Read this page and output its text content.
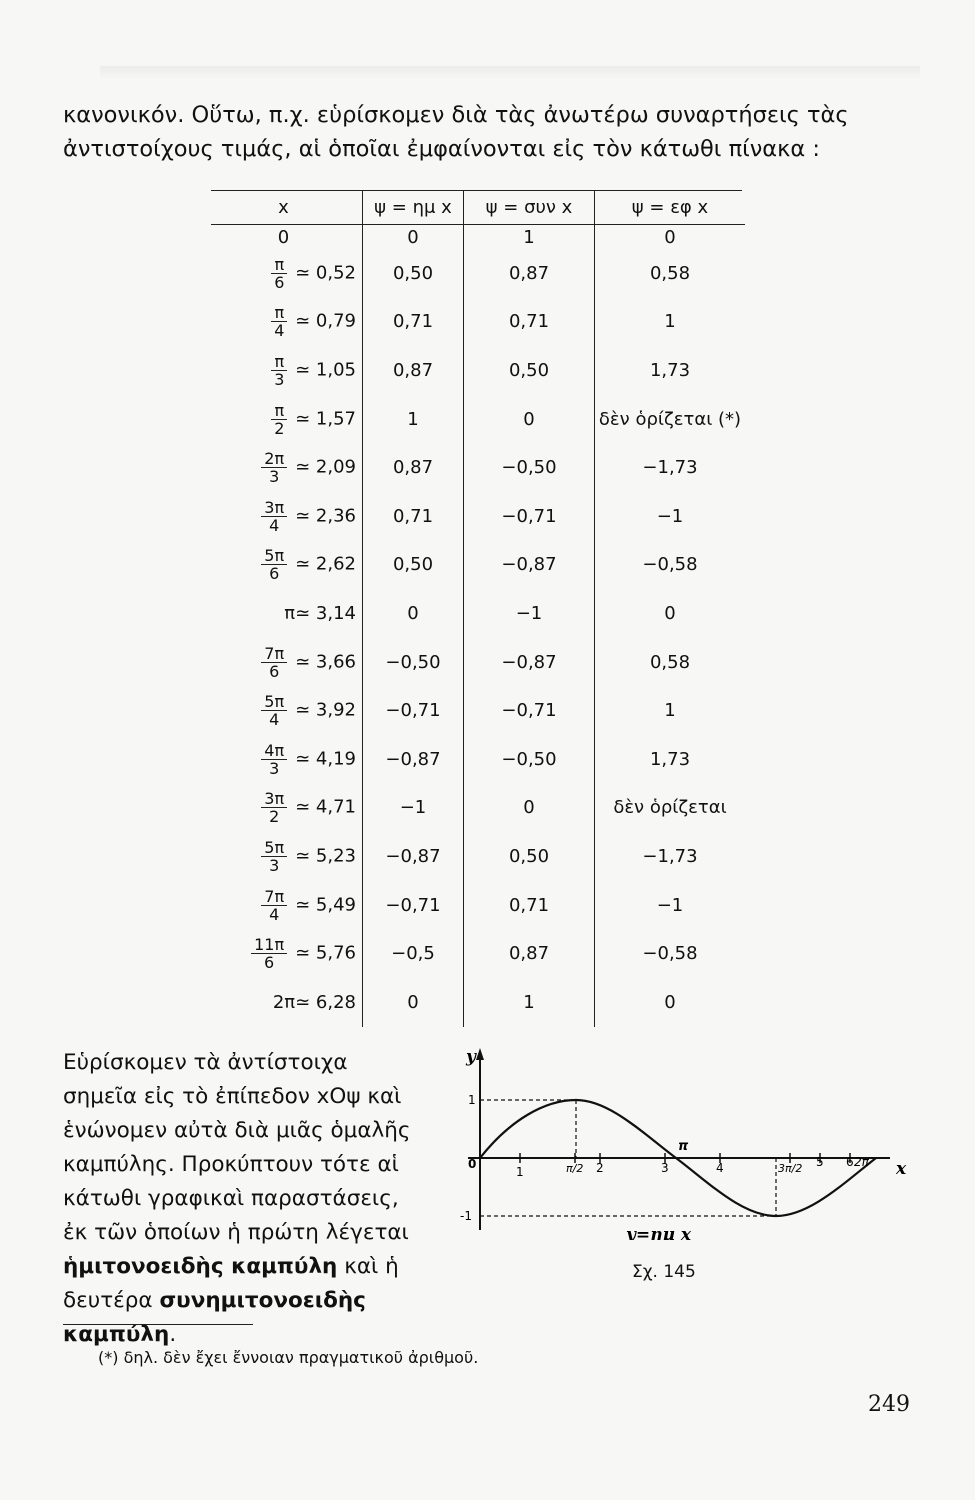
κανονικόν. Οὕτω, π.χ. εὑρίσκομεν διὰ τὰς ἀνωτέρω συναρτήσεις τὰς ἀντιστοίχους τιμάς, αἱ ὁποῖαι ἐμφαίνονται εἰς τὸν κάτωθι πίνακα :

x	ψ = ημ x	ψ = συν x	ψ = εφ x
0	0	1	0

$\frac{\pi}{6}$ ≃ 0,52	0,50	0,87	0,58

$\frac{\pi}{4}$ ≃ 0,79	0,71	0,71	1

$\frac{\pi}{3}$ ≃ 1,05	0,87	0,50	1,73

$\frac{\pi}{2}$ ≃ 1,57	1	0	δὲν ὁρίζεται (*)

$\frac{2\pi}{3}$ ≃ 2,09	0,87	−0,50	−1,73

$\frac{3\pi}{4}$ ≃ 2,36	0,71	−0,71	−1

$\frac{5\pi}{6}$ ≃ 2,62	0,50	−0,87	−0,58
π≃ 3,14	0	−1	0

$\frac{7\pi}{6}$ ≃ 3,66	−0,50	−0,87	0,58

$\frac{5\pi}{4}$ ≃ 3,92	−0,71	−0,71	1

$\frac{4\pi}{3}$ ≃ 4,19	−0,87	−0,50	1,73

$\frac{3\pi}{2}$ ≃ 4,71	−1	0	δὲν ὁρίζεται

$\frac{5\pi}{3}$ ≃ 5,23	−0,87	0,50	−1,73

$\frac{7\pi}{4}$ ≃ 5,49	−0,71	0,71	−1

$\frac{11\pi}{6}$ ≃ 5,76	−0,5	0,87	−0,58
2π≃ 6,28	0	1	0

Εὑρίσκομεν τὰ ἀντίστοιχα σημεῖα εἰς τὸ ἐπίπεδον xOψ καὶ ἑνώνομεν αὐτὰ διὰ μιᾶς ὁμαλῆς καμπύλης. Προκύπτουν τότε αἱ κάτωθι γραφικαὶ παραστάσεις, ἐκ τῶν ὁποίων ἡ πρώτη λέγεται ἡμιτονοειδὴς καμπύλη καὶ ἡ δευτέρα συνημιτονοειδὴς καμπύλη.

y
x
0
1
-1
1	π/2 2	3
π
4	3π/2 5 6 2π
y=ημ x
Σχ. 145
(*) δηλ. δὲν ἔχει ἔννοιαν πραγματικοῦ ἀριθμοῦ.
249
